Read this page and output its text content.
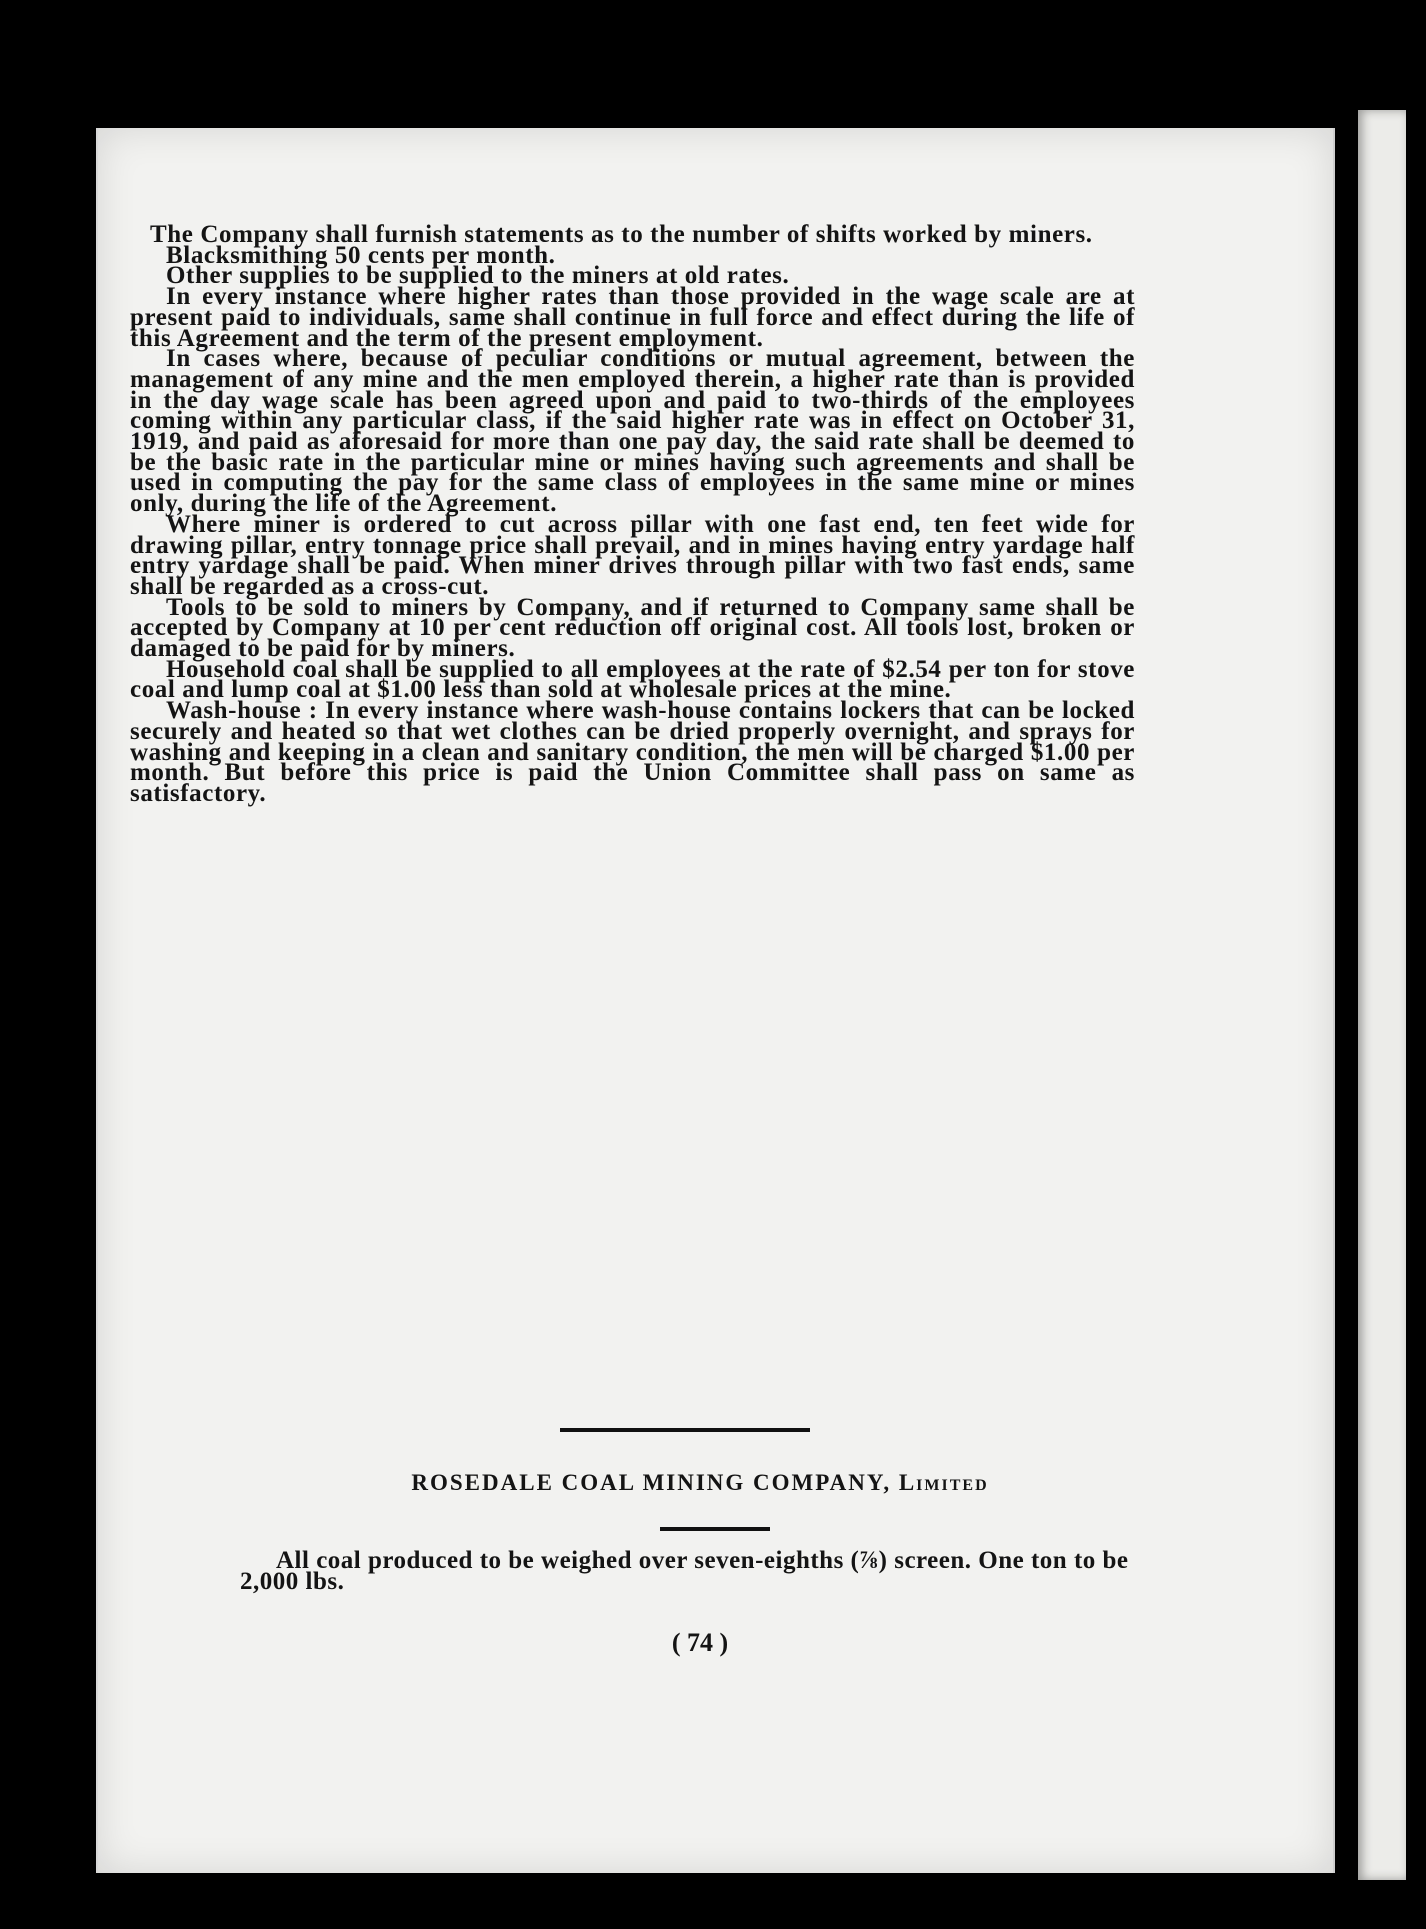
The Company shall furnish statements as to the number of shifts worked by miners.

Blacksmithing 50 cents per month.

Other supplies to be supplied to the miners at old rates.

In every instance where higher rates than those provided in the wage scale are at present paid to individuals, same shall continue in full force and effect during the life of this Agreement and the term of the present employment.

In cases where, because of peculiar conditions or mutual agreement, between the management of any mine and the men employed therein, a higher rate than is provided in the day wage scale has been agreed upon and paid to two-thirds of the employees coming within any particular class, if the said higher rate was in effect on October 31, 1919, and paid as aforesaid for more than one pay day, the said rate shall be deemed to be the basic rate in the particular mine or mines having such agreements and shall be used in computing the pay for the same class of employees in the same mine or mines only, during the life of the Agreement.

Where miner is ordered to cut across pillar with one fast end, ten feet wide for drawing pillar, entry tonnage price shall prevail, and in mines having entry yardage half entry yardage shall be paid. When miner drives through pillar with two fast ends, same shall be regarded as a cross-cut.

Tools to be sold to miners by Company, and if returned to Company same shall be accepted by Company at 10 per cent reduction off original cost. All tools lost, broken or damaged to be paid for by miners.

Household coal shall be supplied to all employees at the rate of $2.54 per ton for stove coal and lump coal at $1.00 less than sold at wholesale prices at the mine.

Wash-house : In every instance where wash-house contains lockers that can be locked securely and heated so that wet clothes can be dried properly overnight, and sprays for washing and keeping in a clean and sanitary condition, the men will be charged $1.00 per month. But before this price is paid the Union Committee shall pass on same as satisfactory.

ROSEDALE COAL MINING COMPANY, Limited
All coal produced to be weighed over seven-eighths (⅞) screen. One ton to be 2,000 lbs.
( 74 )
